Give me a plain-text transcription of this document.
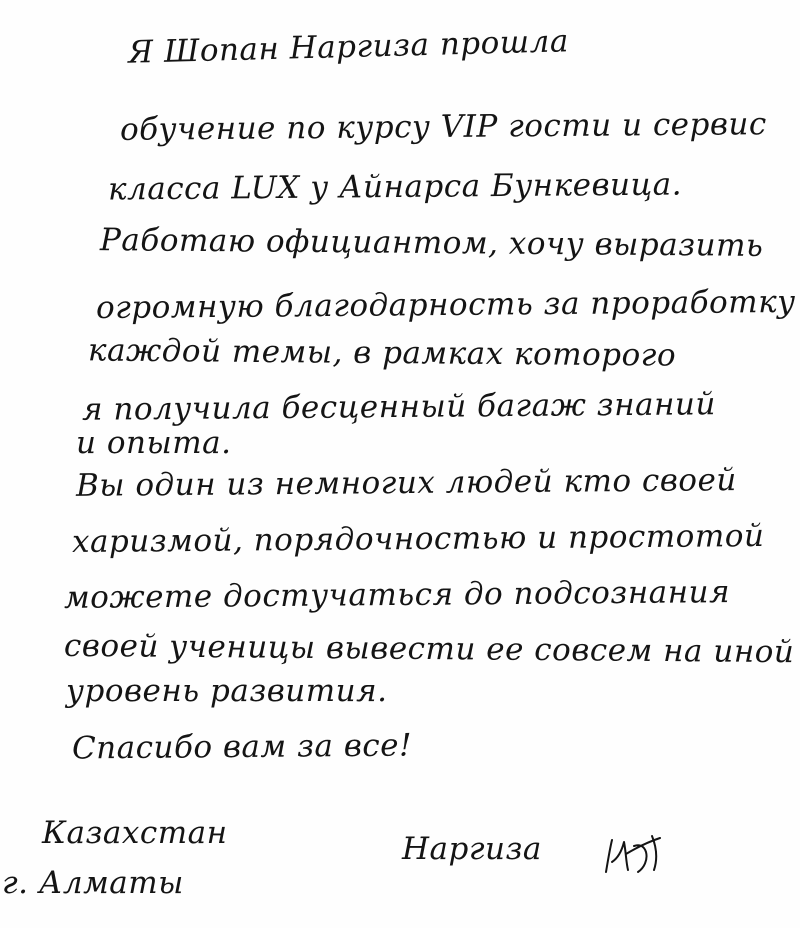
Я Шопан Наргиза прошла
обучение по курсу VIP гости и сервис
класса LUX у Айнарса Бункевица.
Работаю официантом, хочу выразить
огромную благодарность за проработку
каждой темы, в рамках которого
я получила бесценный багаж знаний
и опыта.
Вы один из немногих людей кто своей
харизмой, порядочностью и простотой
можете достучаться до подсознания
своей ученицы вывести ее совсем на иной
уровень развития.
Спасибо вам за все!
Казахстан	Наргиза
г. Алматы
